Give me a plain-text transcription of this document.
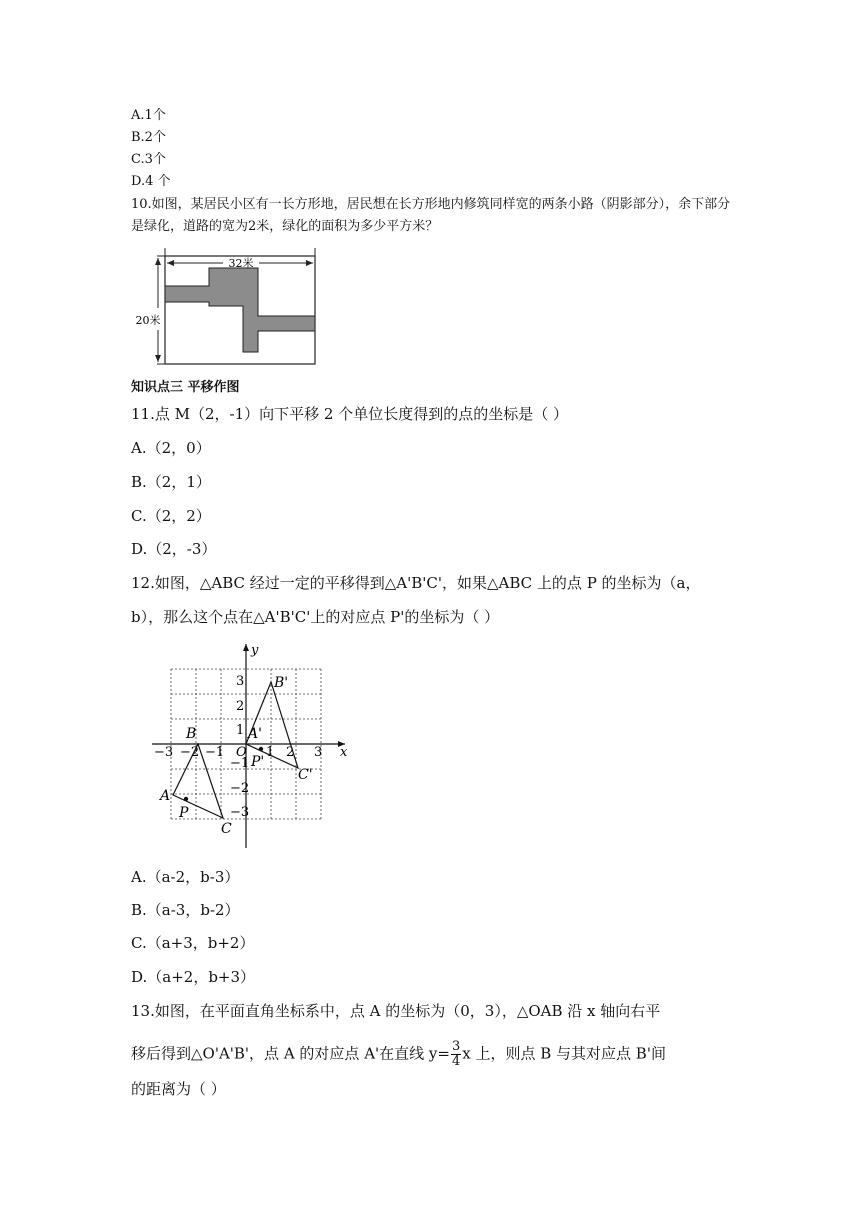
A.1个
B.2个
C.3个
D.4 个
10.如图，某居民小区有一长方形地，居民想在长方形地内修筑同样宽的两条小路（阴影部分），余下部分是绿化，道路的宽为2米，绿化的面积为多少平方米？
32米
20米
知识点三 平移作图
11.点 M（2，-1）向下平移 2 个单位长度得到的点的坐标是（ ）
A.（2，0）
B.（2，1）
C.（2，2）
D.（2，-3）
12.如图，△ABC 经过一定的平移得到△A'B'C'，如果△ABC 上的点 P 的坐标为（a，
b），那么这个点在△A'B'C'上的对应点 P'的坐标为（ ）
x
y
O
−3 −2 −1	1 2 3
3
2
1
−1
−2
−3
A
B
C
P
A'
B'
C'
P'
A.（a-2，b-3）
B.（a-3，b-2）
C.（a+3，b+2）
D.（a+2，b+3）
13.如图，在平面直角坐标系中，点 A 的坐标为（0，3），△OAB 沿 x 轴向右平
移后得到△O'A'B'，点 A 的对应点 A'在直线 $y= \frac{3}{4}$ x 上，则点 B 与其对应点 B'间
的距离为（ ）
